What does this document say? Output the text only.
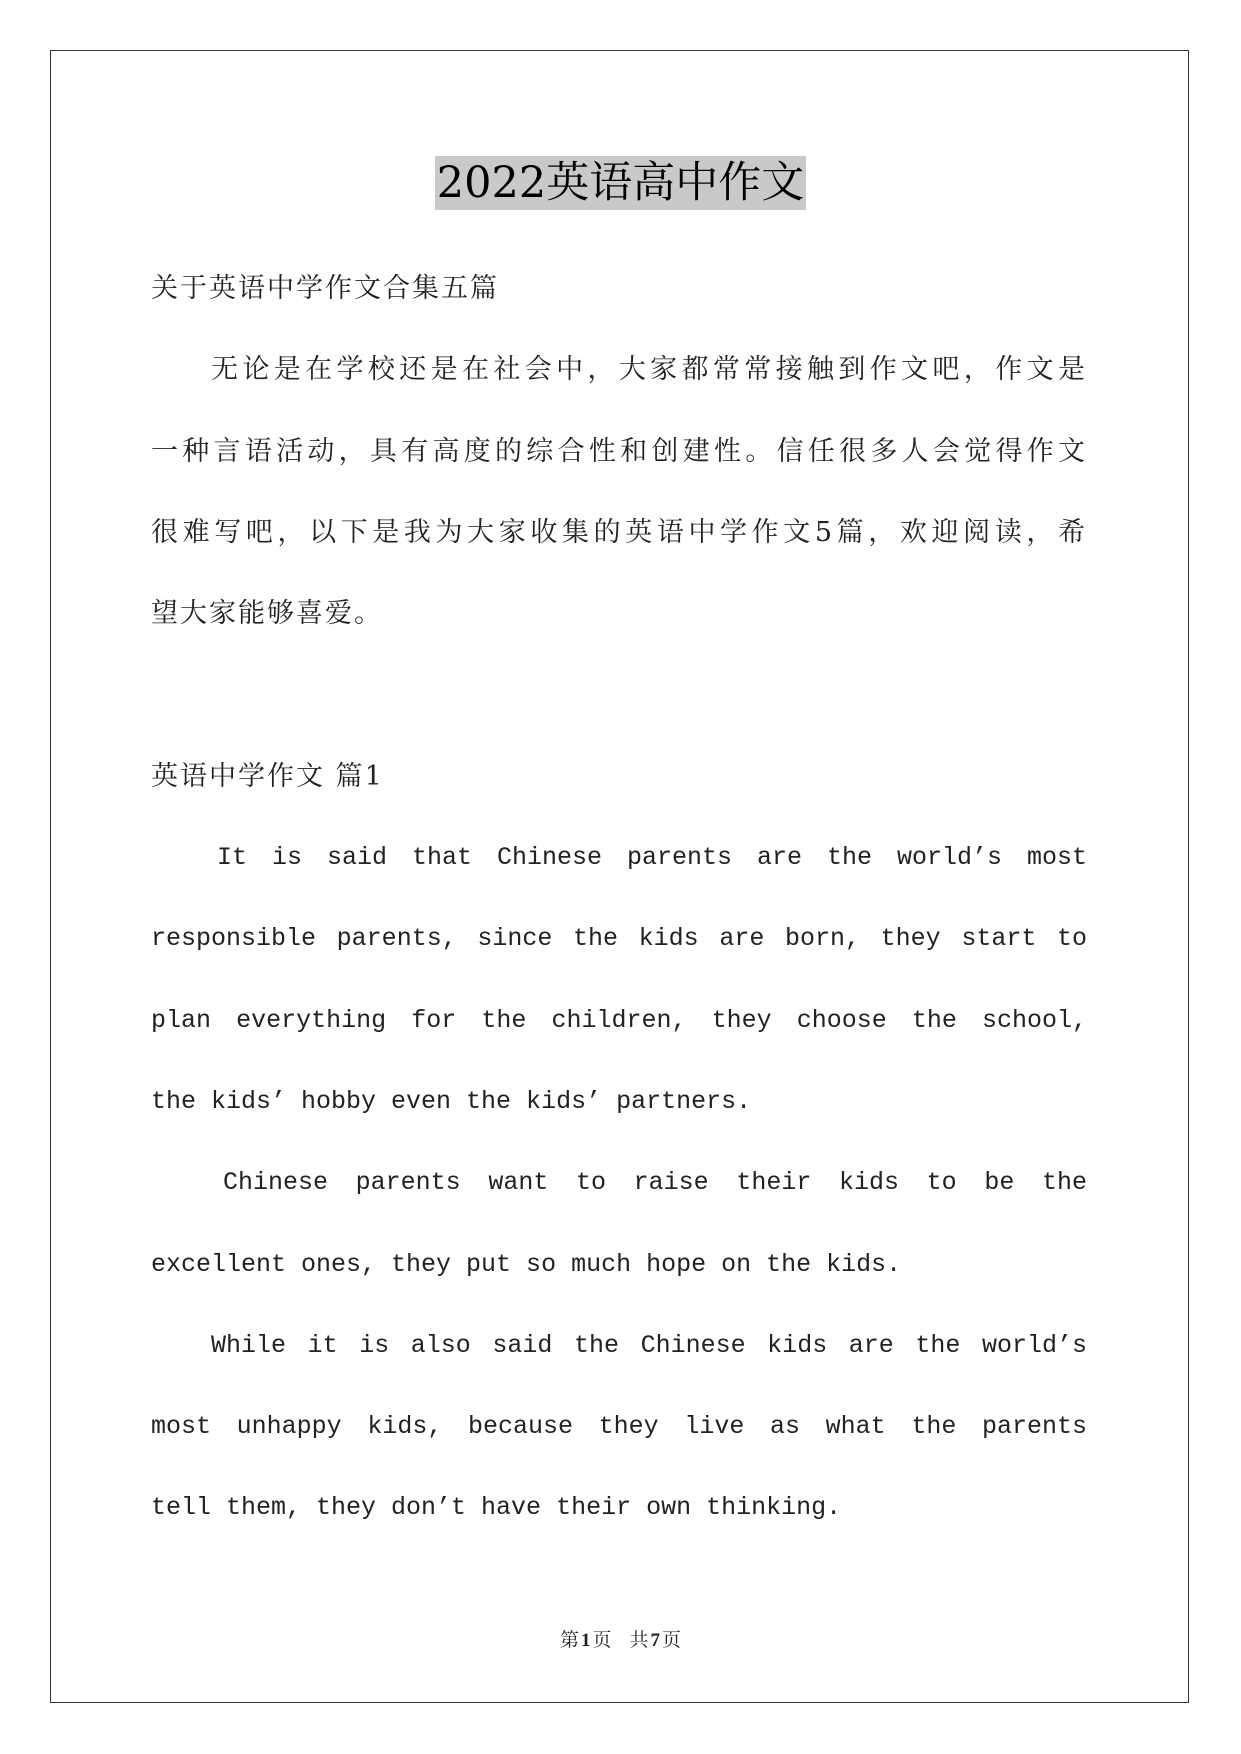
2022英语高中作文
关于英语中学作文合集五篇
无论是在学校还是在社会中，大家都常常接触到作文吧，作文是
一种言语活动，具有高度的综合性和创建性。信任很多人会觉得作文
很难写吧，以下是我为大家收集的英语中学作文5篇，欢迎阅读，希
望大家能够喜爱。
英语中学作文 篇1
It is said that Chinese parents are the world’s most
responsible parents, since the kids are born, they start to
plan everything for the children, they choose the school,
the kids’ hobby even the kids’ partners.
Chinese parents want to raise their kids to be the
excellent ones, they put so much hope on the kids.
While it is also said the Chinese kids are the world’s
most unhappy kids, because they live as what the parents
tell them, they don’t have their own thinking.
第 1 页 共 7 页
